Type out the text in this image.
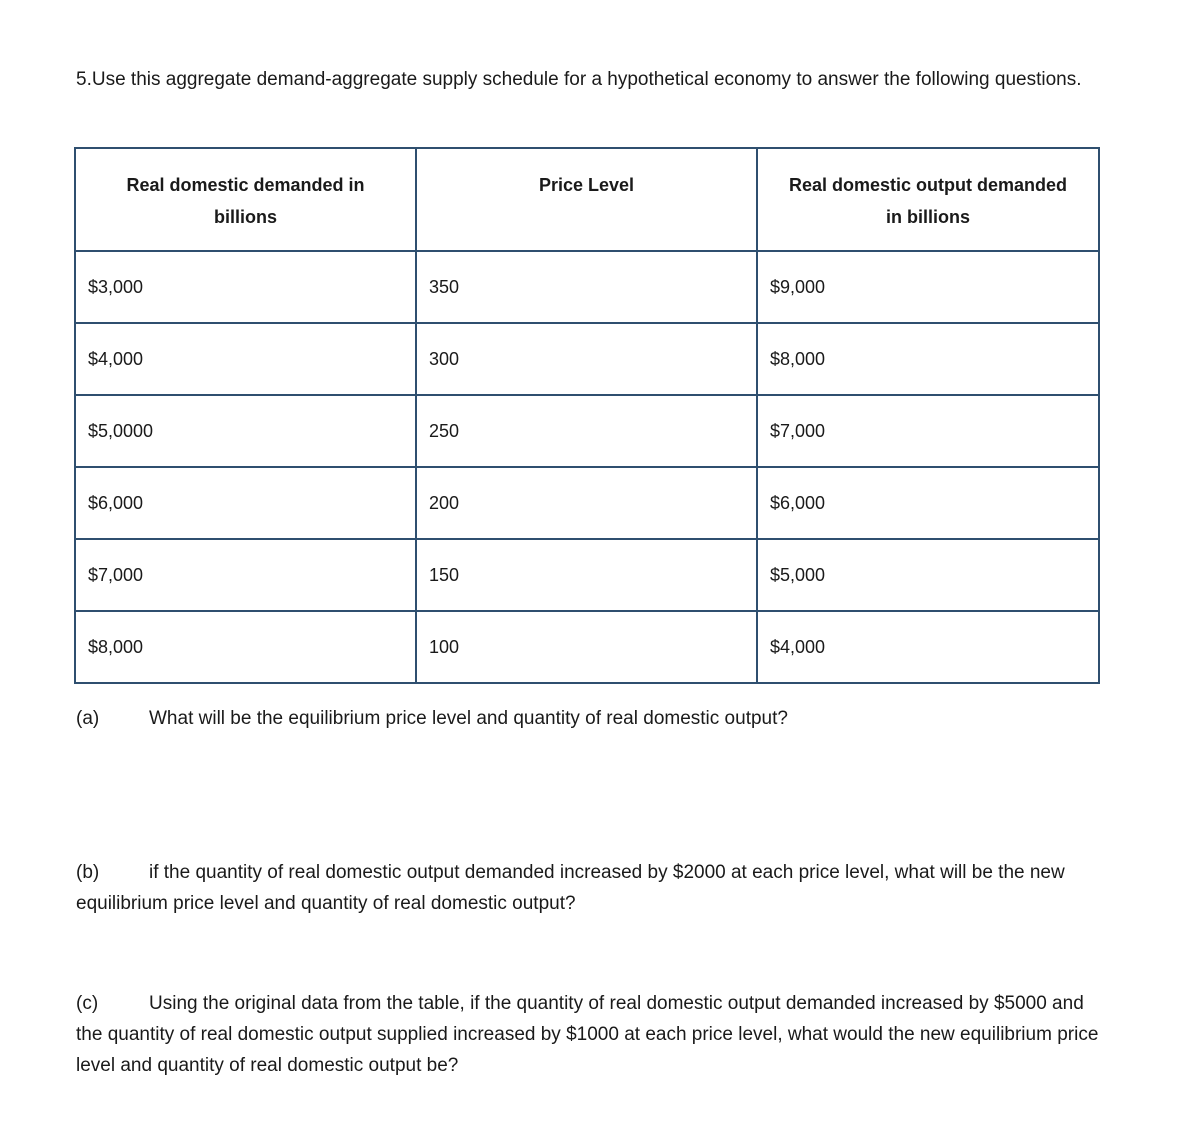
5.Use this aggregate demand-aggregate supply schedule for a hypothetical economy to answer the following questions.
Real domestic demanded in billions	Price Level	Real domestic output demanded in billions
$3,000	350	$9,000
$4,000	300	$8,000
$5,0000	250	$7,000
$6,000	200	$6,000
$7,000	150	$5,000
$8,000	100	$4,000
(a)	What will be the equilibrium price level and quantity of real domestic output?
(b)	if the quantity of real domestic output demanded increased by $2000 at each price level, what will be the new equilibrium price level and quantity of real domestic output?
(c)	Using the original data from the table, if the quantity of real domestic output demanded increased by $5000 and the quantity of real domestic output supplied increased by $1000 at each price level, what would the new equilibrium price level and quantity of real domestic output be?
